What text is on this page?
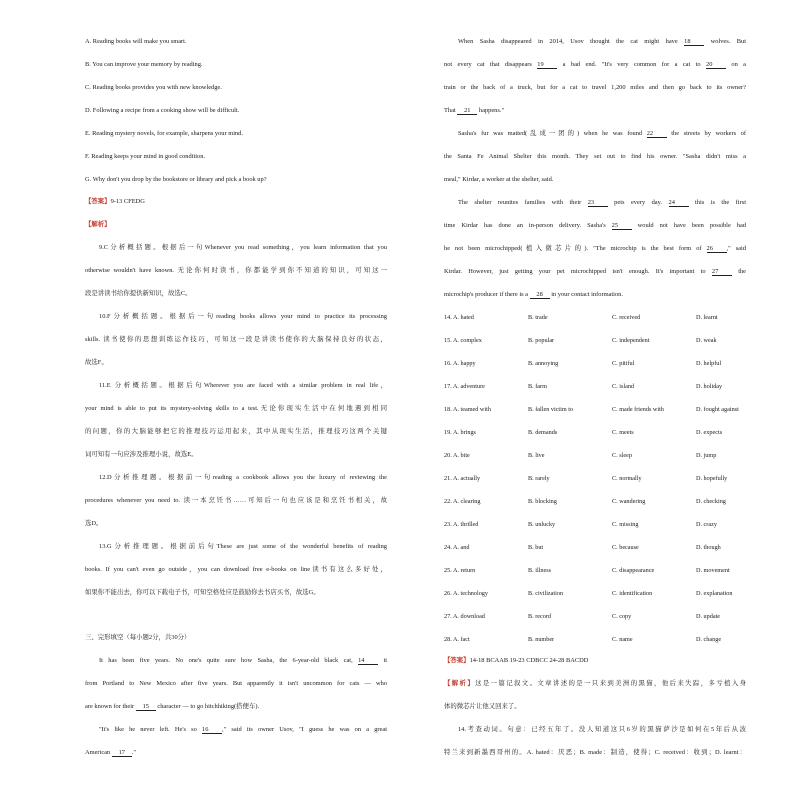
A. Reading books will make you smart.
B. You can improve your memory by reading.
C. Reading books provides you with new knowledge.
D. Following a recipe from a cooking show will be difficult.
E. Reading mystery novels, for example, sharpens your mind.
F. Reading keeps your mind in good condition.
G. Why don't you drop by the bookstore or library and pick a book up?
【答案】9-13 CFEDG
【解析】
9.C分析概括题。根据后一句Whenever you read something，you learn information that you
otherwise wouldn't have known. 无论你何时读书，你都能学到你不知道的知识，可知这一
段是讲读书给你提供新知识，故选C。
10.F分析概括题。根据后一句reading books allows your mind to practice its processing
skills. 读书使你的思想训练运作技巧，可知这一段是讲读书使你的大脑保持良好的状态，
故选F。
11.E 分析概括题。根据后句Wherever you are faced with a similar problem in real life，
your mind is able to put its mystery-solving skills to a test.无论你现实生活中在何地遇到相同
的问题，你的大脑能够把它的推理技巧运用起来，其中从现实生活，推理技巧这两个关键
词可知有一句应涉及推理小说，故选E。
12.D分析推理题。根据前一句reading a cookbook allows you the luxury of reviewing the
procedures whenever you need to. 读一本烹饪书……可知后一句也应该是和烹饪书相关，故
选D。
13.G分析推理题。根据前后句These are just some of the wonderful benefits of reading
books. If you can't even go outside，you can download free e-books on line读书有这么多好处，
如果你不能出去，你可以下载电子书，可知空格处应是鼓励你去书店买书，故选G。
三、完形填空（每小题2分，共30分）
It has been five years. No one's quite sure how Sasha, the 6-year-old black cat, 14 it
from Portland to New Mexico after five years. But apparently it isn't uncommon for cats — who
are known for their 15 character — to go hitchhiking(搭便车).
"It's like he never left. He's so 16 ," said its owner Usov, "I guess he was on a great
American 17 ."
When Sasha disappeared in 2014, Usov thought the cat might have 18 wolves. But
not every cat that disappears 19 a bad end. "It's very common for a cat to 20 on a
train or the back of a truck, but for a cat to travel 1,200 miles and then go back to its owner?
That 21 happens."
Sasha's fur was matted(乱成一团的) when he was found 22 the streets by workers of
the Santa Fe Animal Shelter this month. They set out to find his owner. "Sasha didn't miss a
meal," Kirdar, a worker at the shelter, said.
The shelter reunites families with their 23 pets every day. 24 this is the first
time Kirdar has done an in-person delivery. Sasha's 25 would not have been possible had
he not been microchipped(植入微芯片的). "The microchip is the best form of 26 ," said
Kirdar. However, just getting your pet microchipped isn't enough. It's important to 27 the
microchip's producer if there is a 28 in your contact information.
14. A. hated	B. trade	C. received	D. learnt
15. A. complex	B. popular	C. independent	D. weak
16. A. happy	B. annoying	C. pitiful	D. helpful
17. A. adventure	B. farm	C. island	D. holiday
18. A. teamed with	B. fallen victim to	C. made friends with	D. fought against
19. A. brings	B. demands	C. meets	D. expects
20. A. bite	B. live	C. sleep	D. jump
21. A. actually	B. rarely	C. normally	D. hopefully
22. A. clearing	B. blocking	C. wandering	D. checking
23. A. thrilled	B. unlucky	C. missing	D. crazy
24. A. and	B. but	C. because	D. though
25. A. return	B. illness	C. disappearance	D. movement
26. A. technology	B. civilization	C. identification	D. explanation
27. A. download	B. record	C. copy	D. update
28. A. fact	B. number	C. name	D. change
【答案】14-18 BCAAB 19-23 CDBCC 24-28 BACDD
【解析】这是一篇记叙文。文章讲述的是一只来到美洲的黑猫，他后来失踪，多亏植入身
体的微芯片让他又回来了。
14.考查动词。句意：已经五年了。没人知道这只6岁的黑猫萨沙是如何在5年后从波
特兰来到新墨西哥州的。A. hated：厌恶；B. made：制造，使得；C. received：收到；D. learnt：
